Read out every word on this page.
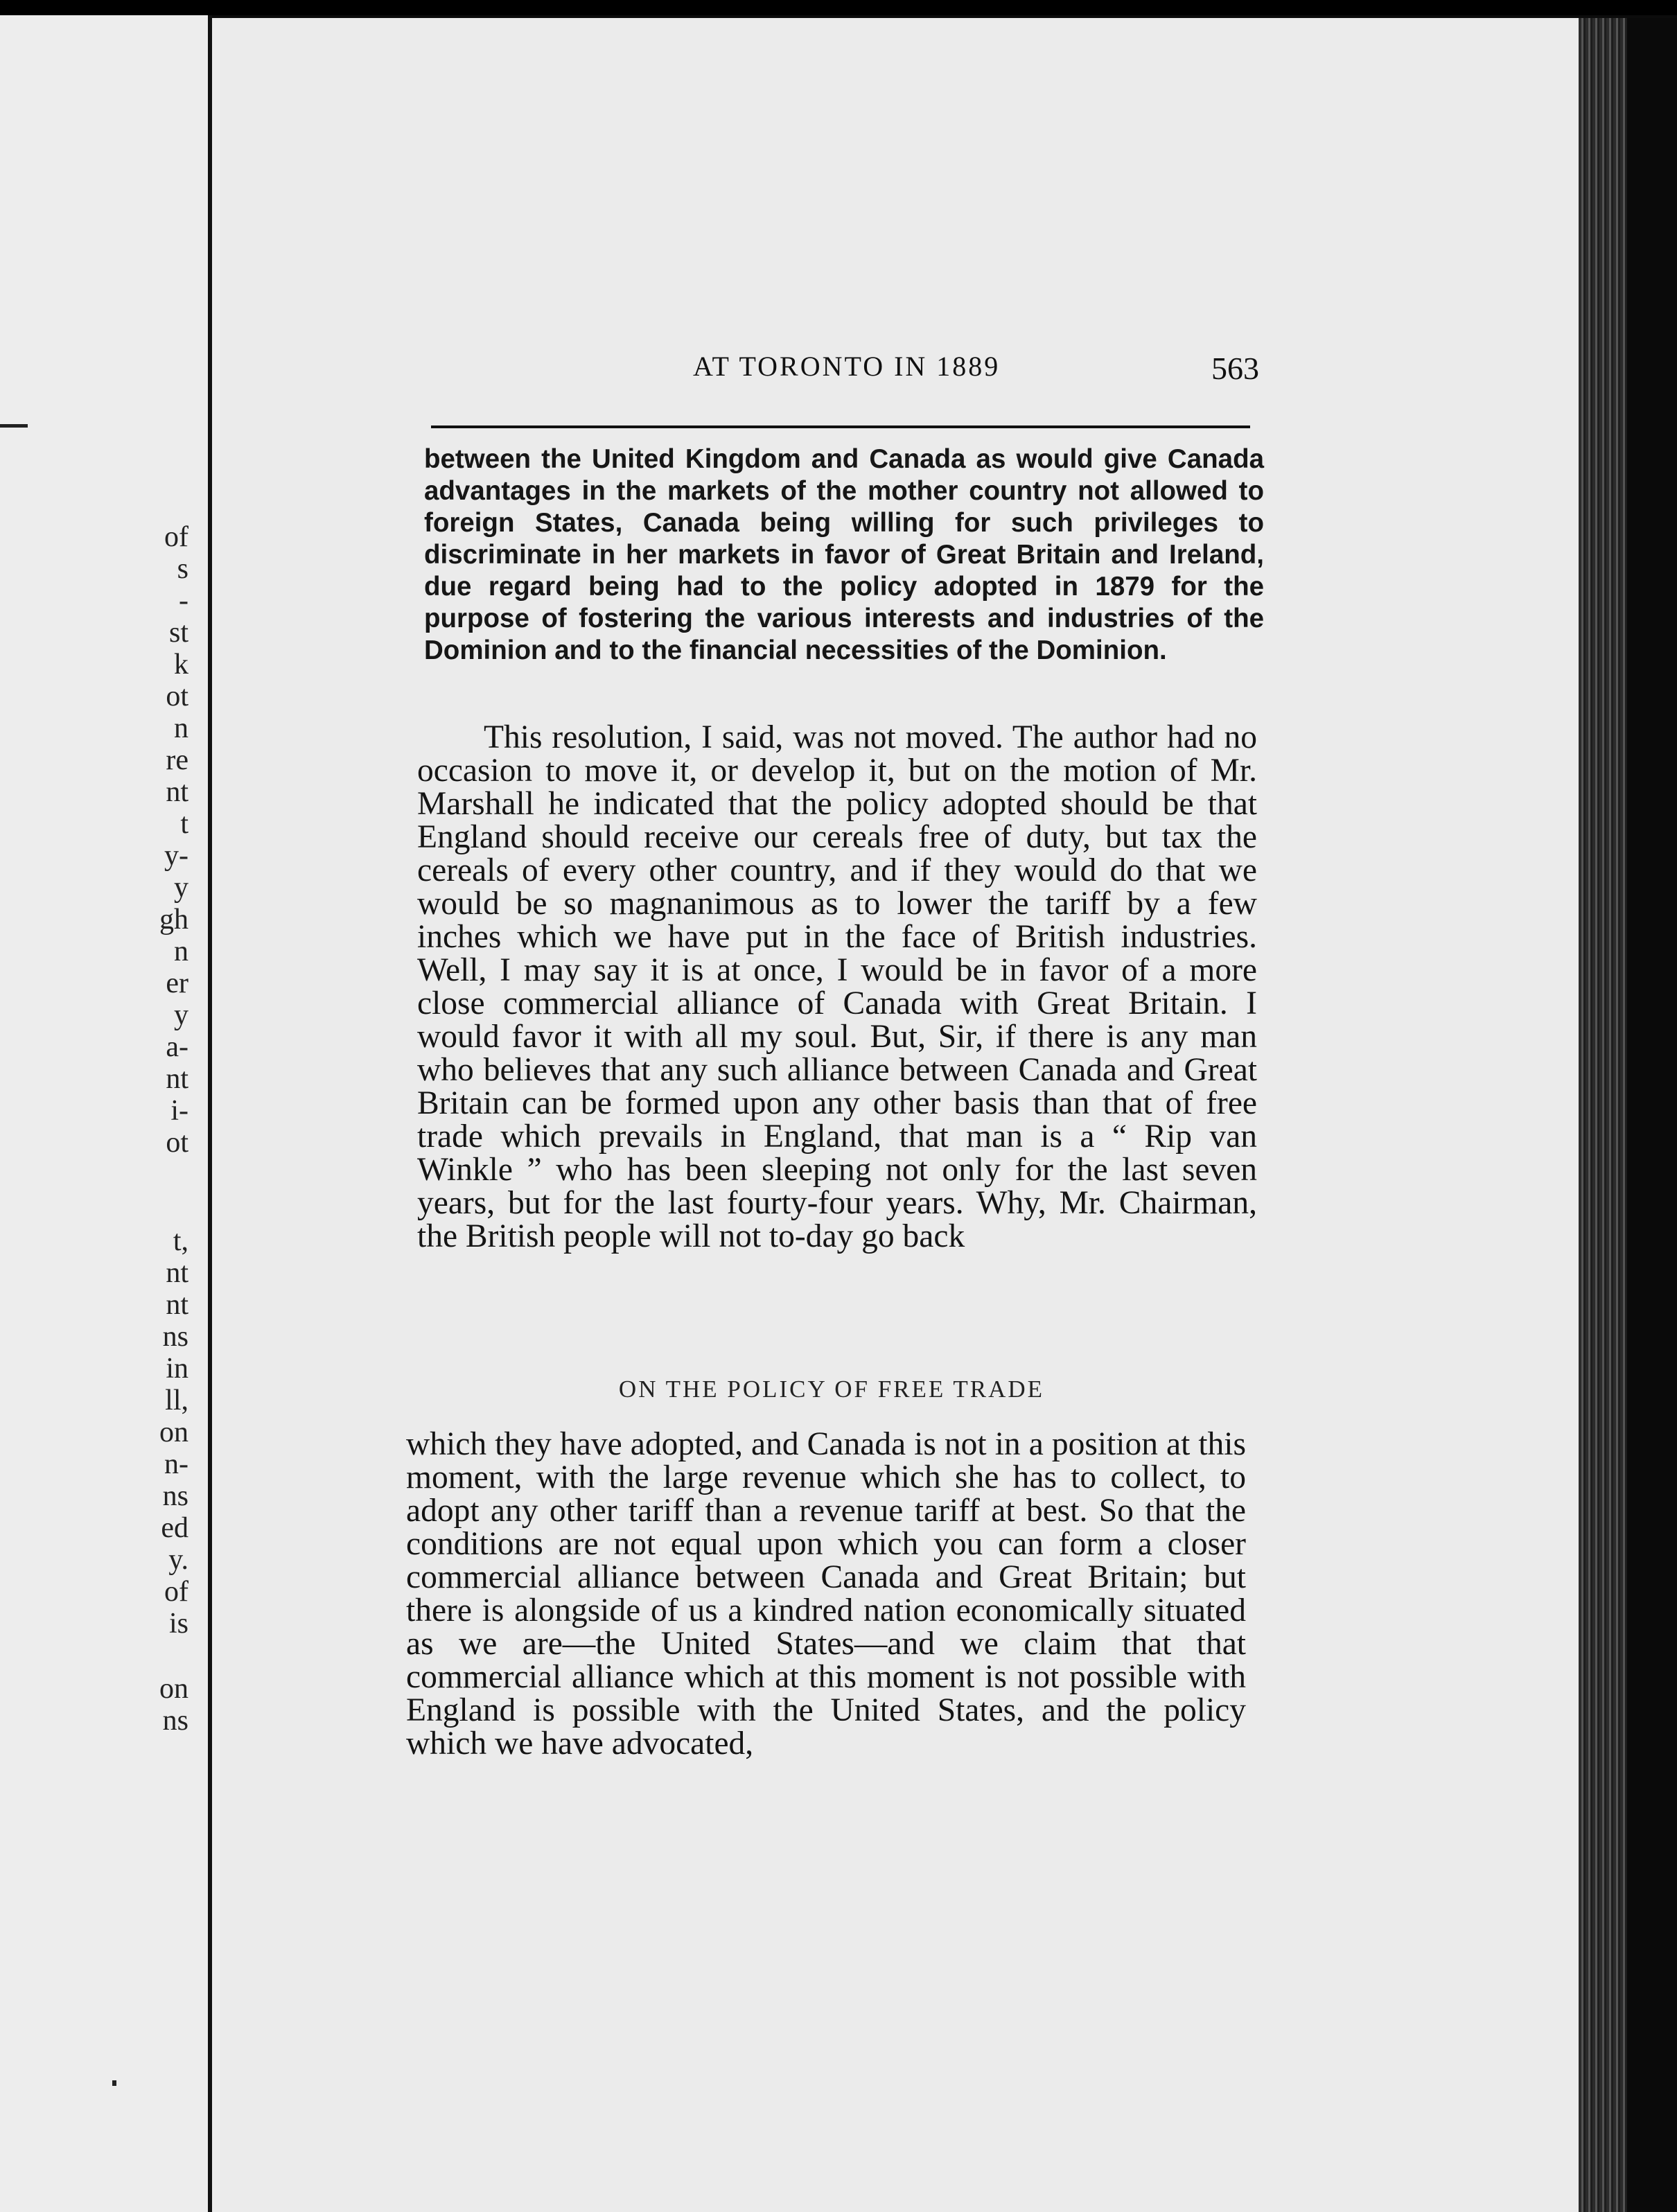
of
s
-
st
k
ot
n
re
nt
t
y-
y
gh
n
er
y
a-
nt
i-
ot
t,
nt
nt
ns
in
ll,
on
n-
ns
ed
y.
of
is
on
ns
AT TORONTO IN 1889	563

between the United Kingdom and Canada as would give Canada advantages in the markets of the mother country not allowed to foreign States, Canada being willing for such privileges to discriminate in her markets in favor of Great Britain and Ireland, due regard being had to the policy adopted in 1879 for the purpose of fostering the various interests and industries of the Dominion and to the financial necessities of the Dominion.

This resolution, I said, was not moved. The author had no occasion to move it, or develop it, but on the motion of Mr. Marshall he indicated that the policy adopted should be that England should receive our cereals free of duty, but tax the cereals of every other country, and if they would do that we would be so magnanimous as to lower the tariff by a few inches which we have put in the face of British industries. Well, I may say it is at once, I would be in favor of a more close commercial alliance of Canada with Great Britain. I would favor it with all my soul. But, Sir, if there is any man who believes that any such alliance between Canada and Great Britain can be formed upon any other basis than that of free trade which prevails in England, that man is a “ Rip van Winkle ” who has been sleeping not only for the last seven years, but for the last fourty-four years. Why, Mr. Chairman, the British people will not to-day go back

ON THE POLICY OF FREE TRADE

which they have adopted, and Canada is not in a position at this moment, with the large revenue which she has to collect, to adopt any other tariff than a revenue tariff at best. So that the conditions are not equal upon which you can form a closer commercial alliance between Canada and Great Britain; but there is alongside of us a kindred nation economically situated as we are—the United States—and we claim that that commercial alliance which at this moment is not possible with England is possible with the United States, and the policy which we have advocated,
